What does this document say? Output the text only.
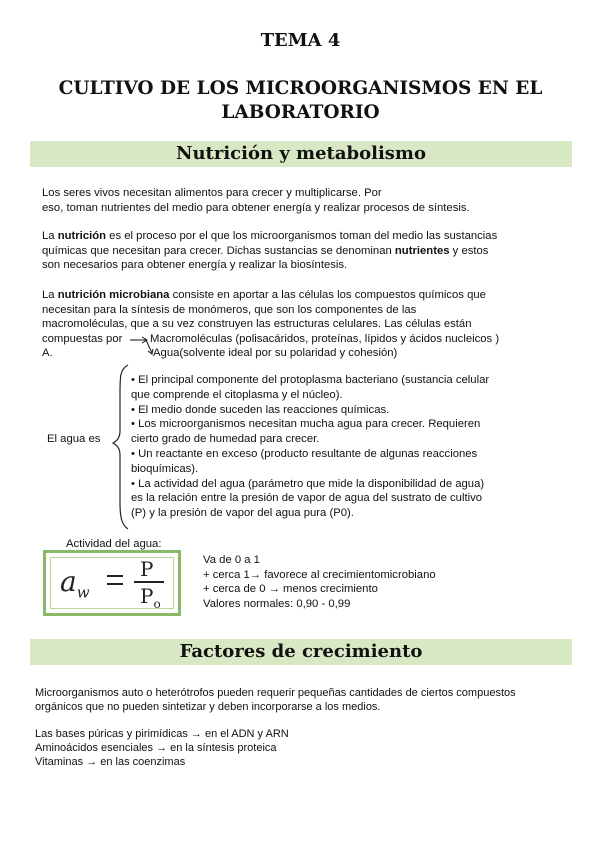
TEMA 4
CULTIVO DE LOS MICROORGANISMOS EN EL
LABORATORIO
Nutrición y metabolismo
Los seres vivos necesitan alimentos para crecer y multiplicarse. Por
eso, toman nutrientes del medio para obtener energía y realizar procesos de síntesis.
La nutrición es el proceso por el que los microorganismos toman del medio las sustancias
químicas que necesitan para crecer. Dichas sustancias se denominan nutrientes y estos
son necesarios para obtener energía y realizar la biosíntesis.
La nutrición microbiana consiste en aportar a las células los compuestos químicos que
necesitan para la síntesis de monómeros, que son los componentes de las
macromoléculas, que a su vez construyen las estructuras celulares. Las células están
compuestas por
A.
Macromoléculas (polisacáridos, proteínas, lípidos y ácidos nucleicos )
Agua(solvente ideal por su polaridad y cohesión)
El agua es
• El principal componente del protoplasma bacteriano (sustancia celular
que comprende el citoplasma y el núcleo).
• El medio donde suceden las reacciones químicas.
• Los microorganismos necesitan mucha agua para crecer. Requieren
cierto grado de humedad para crecer.
• Un reactante en exceso (producto resultante de algunas reacciones
bioquímicas).
• La actividad del agua (parámetro que mide la disponibilidad de agua)
es la relación entre la presión de vapor de agua del sustrato de cultivo
(P) y la presión de vapor del agua pura (P0).
Actividad del agua:
$a_w$
P
$P_o$
Va de 0 a 1
+ cerca 1→ favorece al crecimientomicrobiano
+ cerca de 0 → menos crecimiento
Valores normales: 0,90 - 0,99
Factores de crecimiento
Microorganismos auto o heterótrofos pueden requerir pequeñas cantidades de ciertos compuestos
orgánicos que no pueden sintetizar y deben incorporarse a los medios.
Las bases púricas y pirimídicas → en el ADN y ARN
Aminoácidos esenciales → en la síntesis proteica
Vitaminas → en las coenzimas
